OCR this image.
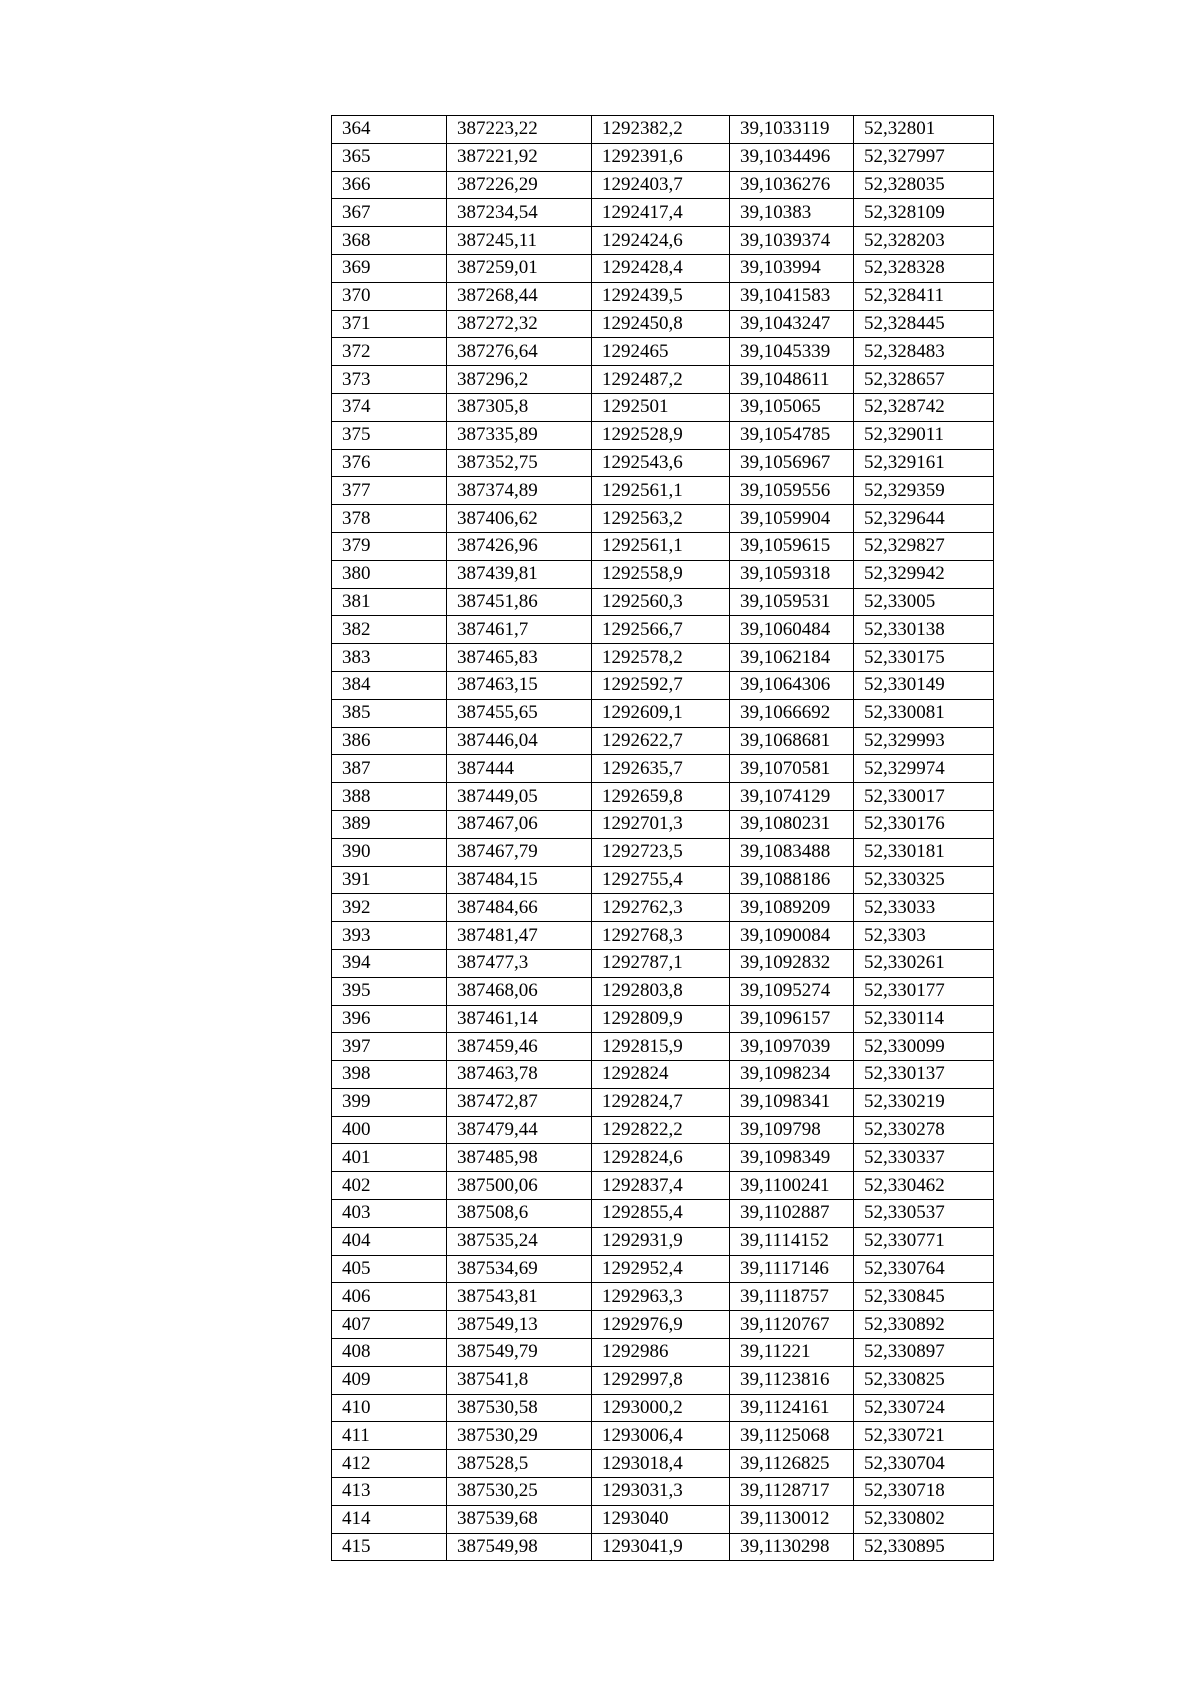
364	387223,22	1292382,2	39,1033119	52,32801
365	387221,92	1292391,6	39,1034496	52,327997
366	387226,29	1292403,7	39,1036276	52,328035
367	387234,54	1292417,4	39,10383	52,328109
368	387245,11	1292424,6	39,1039374	52,328203
369	387259,01	1292428,4	39,103994	52,328328
370	387268,44	1292439,5	39,1041583	52,328411
371	387272,32	1292450,8	39,1043247	52,328445
372	387276,64	1292465	39,1045339	52,328483
373	387296,2	1292487,2	39,1048611	52,328657
374	387305,8	1292501	39,105065	52,328742
375	387335,89	1292528,9	39,1054785	52,329011
376	387352,75	1292543,6	39,1056967	52,329161
377	387374,89	1292561,1	39,1059556	52,329359
378	387406,62	1292563,2	39,1059904	52,329644
379	387426,96	1292561,1	39,1059615	52,329827
380	387439,81	1292558,9	39,1059318	52,329942
381	387451,86	1292560,3	39,1059531	52,33005
382	387461,7	1292566,7	39,1060484	52,330138
383	387465,83	1292578,2	39,1062184	52,330175
384	387463,15	1292592,7	39,1064306	52,330149
385	387455,65	1292609,1	39,1066692	52,330081
386	387446,04	1292622,7	39,1068681	52,329993
387	387444	1292635,7	39,1070581	52,329974
388	387449,05	1292659,8	39,1074129	52,330017
389	387467,06	1292701,3	39,1080231	52,330176
390	387467,79	1292723,5	39,1083488	52,330181
391	387484,15	1292755,4	39,1088186	52,330325
392	387484,66	1292762,3	39,1089209	52,33033
393	387481,47	1292768,3	39,1090084	52,3303
394	387477,3	1292787,1	39,1092832	52,330261
395	387468,06	1292803,8	39,1095274	52,330177
396	387461,14	1292809,9	39,1096157	52,330114
397	387459,46	1292815,9	39,1097039	52,330099
398	387463,78	1292824	39,1098234	52,330137
399	387472,87	1292824,7	39,1098341	52,330219
400	387479,44	1292822,2	39,109798	52,330278
401	387485,98	1292824,6	39,1098349	52,330337
402	387500,06	1292837,4	39,1100241	52,330462
403	387508,6	1292855,4	39,1102887	52,330537
404	387535,24	1292931,9	39,1114152	52,330771
405	387534,69	1292952,4	39,1117146	52,330764
406	387543,81	1292963,3	39,1118757	52,330845
407	387549,13	1292976,9	39,1120767	52,330892
408	387549,79	1292986	39,11221	52,330897
409	387541,8	1292997,8	39,1123816	52,330825
410	387530,58	1293000,2	39,1124161	52,330724
411	387530,29	1293006,4	39,1125068	52,330721
412	387528,5	1293018,4	39,1126825	52,330704
413	387530,25	1293031,3	39,1128717	52,330718
414	387539,68	1293040	39,1130012	52,330802
415	387549,98	1293041,9	39,1130298	52,330895
